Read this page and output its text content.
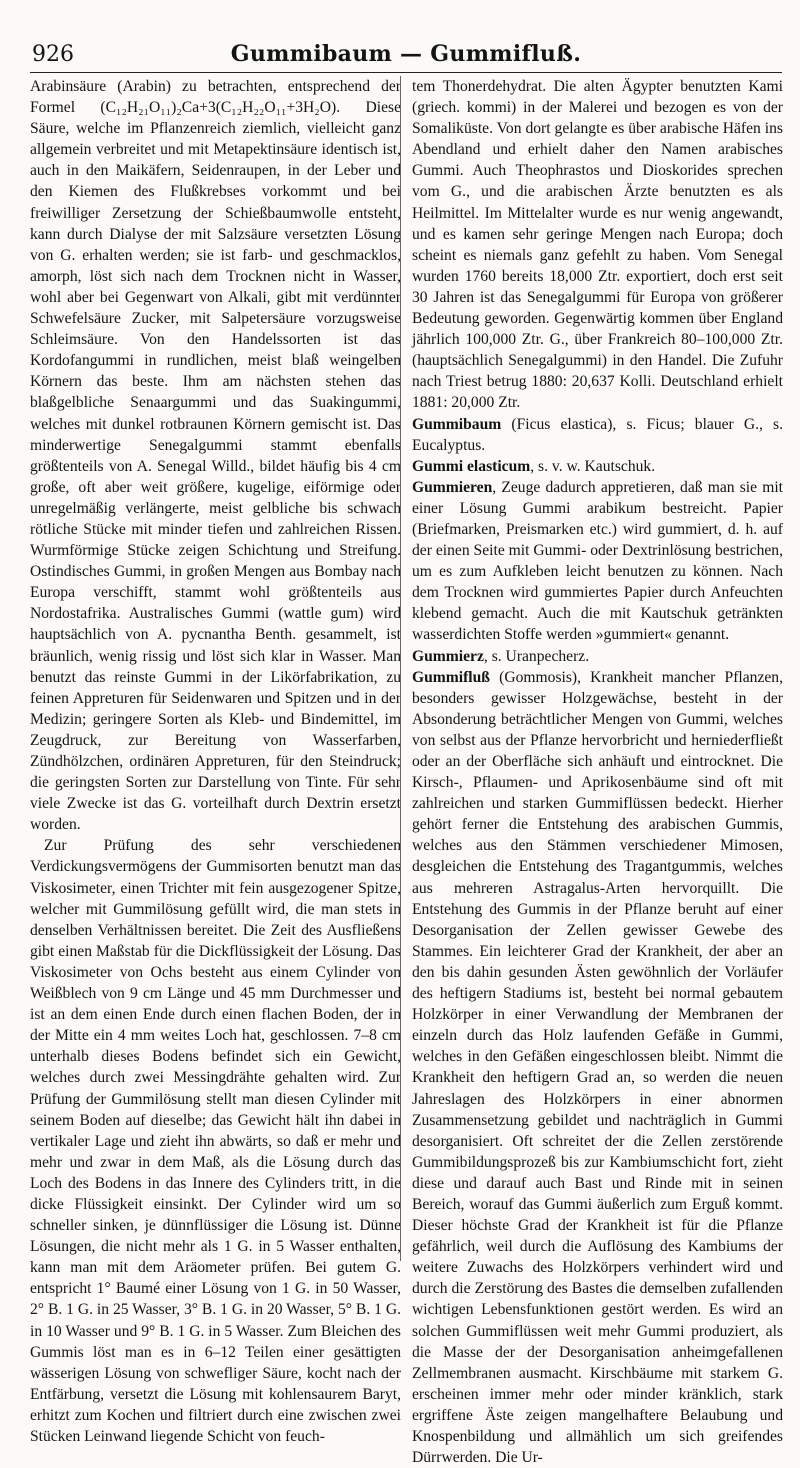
926	Gummibaum — Gummifluß.

Arabinsäure (Arabin) zu betrachten, entsprechend der Formel (C₁₂H₂₁O₁₁)₂Ca+3(C₁₂H₂₂O₁₁+3H₂O). Diese Säure, welche im Pflanzenreich ziemlich, vielleicht ganz allgemein verbreitet und mit Metapektinsäure identisch ist, auch in den Maikäfern, Seidenraupen, in der Leber und den Kiemen des Flußkrebses vorkommt und bei freiwilliger Zersetzung der Schießbaumwolle entsteht, kann durch Dialyse der mit Salzsäure versetzten Lösung von G. erhalten werden; sie ist farb- und geschmacklos, amorph, löst sich nach dem Trocknen nicht in Wasser, wohl aber bei Gegenwart von Alkali, gibt mit verdünnter Schwefelsäure Zucker, mit Salpetersäure vorzugsweise Schleimsäure. Von den Handelssorten ist das Kordofangummi in rundlichen, meist blaß weingelben Körnern das beste. Ihm am nächsten stehen das blaßgelbliche Senaargummi und das Suakingummi, welches mit dunkel rotbraunen Körnern gemischt ist. Das minderwertige Senegalgummi stammt ebenfalls größtenteils von A. Senegal Willd., bildet häufig bis 4 cm große, oft aber weit größere, kugelige, eiförmige oder unregelmäßig verlängerte, meist gelbliche bis schwach rötliche Stücke mit minder tiefen und zahlreichen Rissen. Wurmförmige Stücke zeigen Schichtung und Streifung. Ostindisches Gummi, in großen Mengen aus Bombay nach Europa verschifft, stammt wohl größtenteils aus Nordostafrika. Australisches Gummi (wattle gum) wird hauptsächlich von A. pycnantha Benth. gesammelt, ist bräunlich, wenig rissig und löst sich klar in Wasser. Man benutzt das reinste Gummi in der Likörfabrikation, zu feinen Appreturen für Seidenwaren und Spitzen und in der Medizin; geringere Sorten als Kleb- und Bindemittel, im Zeugdruck, zur Bereitung von Wasserfarben, Zündhölzchen, ordinären Appreturen, für den Steindruck; die geringsten Sorten zur Darstellung von Tinte. Für sehr viele Zwecke ist das G. vorteilhaft durch Dextrin ersetzt worden.

Zur Prüfung des sehr verschiedenen Verdickungsvermögens der Gummisorten benutzt man das Viskosimeter, einen Trichter mit fein ausgezogener Spitze, welcher mit Gummilösung gefüllt wird, die man stets in denselben Verhältnissen bereitet. Die Zeit des Ausfließens gibt einen Maßstab für die Dickflüssigkeit der Lösung. Das Viskosimeter von Ochs besteht aus einem Cylinder von Weißblech von 9 cm Länge und 45 mm Durchmesser und ist an dem einen Ende durch einen flachen Boden, der in der Mitte ein 4 mm weites Loch hat, geschlossen. 7–8 cm unterhalb dieses Bodens befindet sich ein Gewicht, welches durch zwei Messingdrähte gehalten wird. Zur Prüfung der Gummilösung stellt man diesen Cylinder mit seinem Boden auf dieselbe; das Gewicht hält ihn dabei in vertikaler Lage und zieht ihn abwärts, so daß er mehr und mehr und zwar in dem Maß, als die Lösung durch das Loch des Bodens in das Innere des Cylinders tritt, in die dicke Flüssigkeit einsinkt. Der Cylinder wird um so schneller sinken, je dünnflüssiger die Lösung ist. Dünne Lösungen, die nicht mehr als 1 G. in 5 Wasser enthalten, kann man mit dem Aräometer prüfen. Bei gutem G. entspricht 1° Baumé einer Lösung von 1 G. in 50 Wasser, 2° B. 1 G. in 25 Wasser, 3° B. 1 G. in 20 Wasser, 5° B. 1 G. in 10 Wasser und 9° B. 1 G. in 5 Wasser. Zum Bleichen des Gummis löst man es in 6–12 Teilen einer gesättigten wässerigen Lösung von schwefliger Säure, kocht nach der Entfärbung, versetzt die Lösung mit kohlensaurem Baryt, erhitzt zum Kochen und filtriert durch eine zwischen zwei Stücken Leinwand liegende Schicht von feuch-

tem Thonerdehydrat. Die alten Ägypter benutzten Kami (griech. kommi) in der Malerei und bezogen es von der Somaliküste. Von dort gelangte es über arabische Häfen ins Abendland und erhielt daher den Namen arabisches Gummi. Auch Theophrastos und Dioskorides sprechen vom G., und die arabischen Ärzte benutzten es als Heilmittel. Im Mittelalter wurde es nur wenig angewandt, und es kamen sehr geringe Mengen nach Europa; doch scheint es niemals ganz gefehlt zu haben. Vom Senegal wurden 1760 bereits 18,000 Ztr. exportiert, doch erst seit 30 Jahren ist das Senegalgummi für Europa von größerer Bedeutung geworden. Gegenwärtig kommen über England jährlich 100,000 Ztr. G., über Frankreich 80–100,000 Ztr. (hauptsächlich Senegalgummi) in den Handel. Die Zufuhr nach Triest betrug 1880: 20,637 Kolli. Deutschland erhielt 1881: 20,000 Ztr.

Gummibaum (Ficus elastica), s. Ficus; blauer G., s. Eucalyptus.

Gummi elasticum, s. v. w. Kautschuk.

Gummieren, Zeuge dadurch appretieren, daß man sie mit einer Lösung Gummi arabikum bestreicht. Papier (Briefmarken, Preismarken etc.) wird gummiert, d. h. auf der einen Seite mit Gummi- oder Dextrinlösung bestrichen, um es zum Aufkleben leicht benutzen zu können. Nach dem Trocknen wird gummiertes Papier durch Anfeuchten klebend gemacht. Auch die mit Kautschuk getränkten wasserdichten Stoffe werden »gummiert« genannt.

Gummierz, s. Uranpecherz.

Gummifluß (Gommosis), Krankheit mancher Pflanzen, besonders gewisser Holzgewächse, besteht in der Absonderung beträchtlicher Mengen von Gummi, welches von selbst aus der Pflanze hervorbricht und herniederfließt oder an der Oberfläche sich anhäuft und eintrocknet. Die Kirsch-, Pflaumen- und Aprikosenbäume sind oft mit zahlreichen und starken Gummiflüssen bedeckt. Hierher gehört ferner die Entstehung des arabischen Gummis, welches aus den Stämmen verschiedener Mimosen, desgleichen die Entstehung des Tragantgummis, welches aus mehreren Astragalus-Arten hervorquillt. Die Entstehung des Gummis in der Pflanze beruht auf einer Desorganisation der Zellen gewisser Gewebe des Stammes. Ein leichterer Grad der Krankheit, der aber an den bis dahin gesunden Ästen gewöhnlich der Vorläufer des heftigern Stadiums ist, besteht bei normal gebautem Holzkörper in einer Verwandlung der Membranen der einzeln durch das Holz laufenden Gefäße in Gummi, welches in den Gefäßen eingeschlossen bleibt. Nimmt die Krankheit den heftigern Grad an, so werden die neuen Jahreslagen des Holzkörpers in einer abnormen Zusammensetzung gebildet und nachträglich in Gummi desorganisiert. Oft schreitet der die Zellen zerstörende Gummibildungsprozeß bis zur Kambiumschicht fort, zieht diese und darauf auch Bast und Rinde mit in seinen Bereich, worauf das Gummi äußerlich zum Erguß kommt. Dieser höchste Grad der Krankheit ist für die Pflanze gefährlich, weil durch die Auflösung des Kambiums der weitere Zuwachs des Holzkörpers verhindert wird und durch die Zerstörung des Bastes die demselben zufallenden wichtigen Lebensfunktionen gestört werden. Es wird an solchen Gummiflüssen weit mehr Gummi produziert, als die Masse der der Desorganisation anheimgefallenen Zellmembranen ausmacht. Kirschbäume mit starkem G. erscheinen immer mehr oder minder kränklich, stark ergriffene Äste zeigen mangelhaftere Belaubung und Knospenbildung und allmählich um sich greifendes Dürrwerden. Die Ur-
